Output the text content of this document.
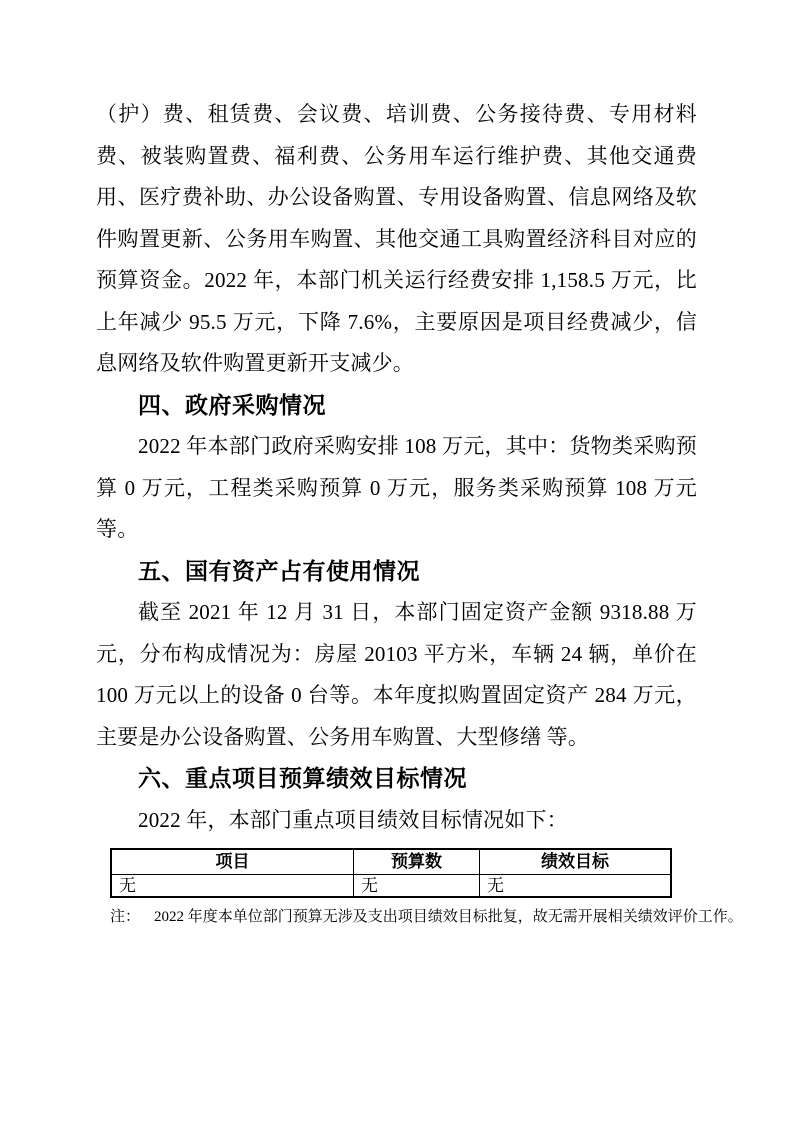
（护）费、租赁费、会议费、培训费、公务接待费、专用材料费、被装购置费、福利费、公务用车运行维护费、其他交通费用、医疗费补助、办公设备购置、专用设备购置、信息网络及软件购置更新、公务用车购置、其他交通工具购置经济科目对应的预算资金。2022 年，本部门机关运行经费安排 1,158.5 万元，比上年减少 95.5 万元，下降 7.6%，主要原因是项目经费减少，信息网络及软件购置更新开支减少。

四、政府采购情况

2022 年本部门政府采购安排 108 万元，其中：货物类采购预算 0 万元，工程类采购预算 0 万元，服务类采购预算 108 万元等。

五、国有资产占有使用情况

截至 2021 年 12 月 31 日，本部门固定资产金额 9318.88 万元，分布构成情况为：房屋 20103 平方米，车辆 24 辆，单价在 100 万元以上的设备 0 台等。本年度拟购置固定资产 284 万元，主要是办公设备购置、公务用车购置、大型修缮 等。

六、重点项目预算绩效目标情况

2022 年，本部门重点项目绩效目标情况如下：

项目	预算数	绩效目标
无	无	无

注： 2022 年度本单位部门预算无涉及支出项目绩效目标批复，故无需开展相关绩效评价工作。
